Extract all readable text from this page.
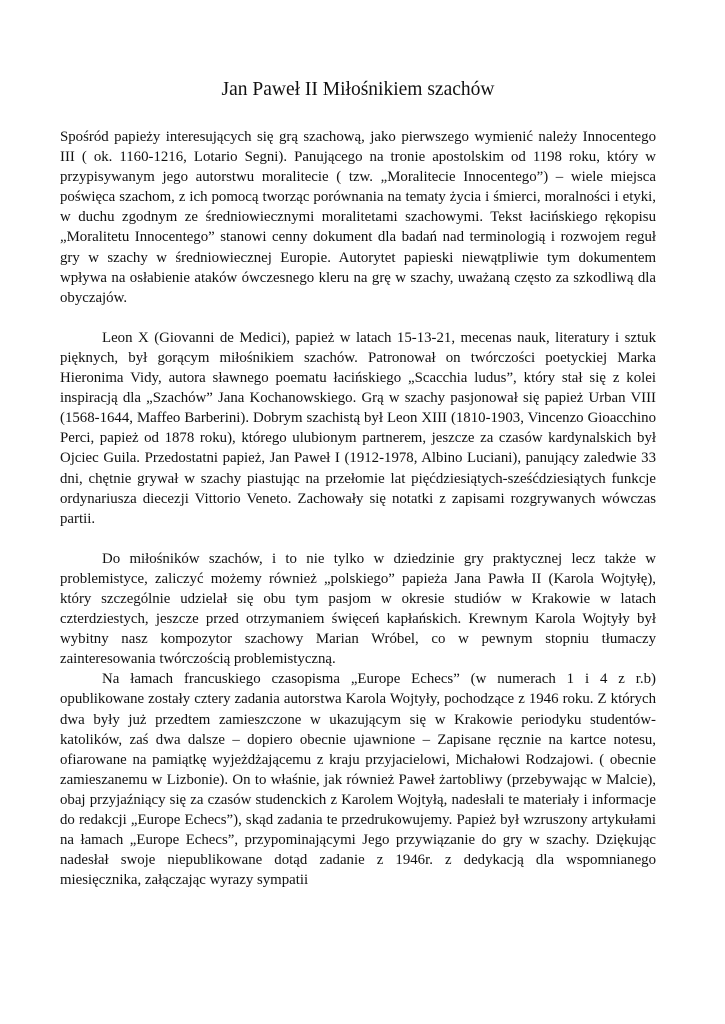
Jan Paweł II Miłośnikiem szachów

Spośród papieży interesujących się grą szachową, jako pierwszego wymienić należy Innocentego III ( ok. 1160-1216, Lotario Segni). Panującego na tronie apostolskim od 1198 roku, który w przypisywanym jego autorstwu moralitecie ( tzw. „Moralitecie Innocentego”) – wiele miejsca poświęca szachom, z ich pomocą tworząc porównania na tematy życia i śmierci, moralności i etyki, w duchu zgodnym ze średniowiecznymi moralitetami szachowymi. Tekst łacińskiego rękopisu „Moralitetu Innocentego” stanowi cenny dokument dla badań nad terminologią i rozwojem reguł gry w szachy w średniowiecznej Europie. Autorytet papieski niewątpliwie tym dokumentem wpływa na osłabienie ataków ówczesnego kleru na grę w szachy, uważaną często za szkodliwą dla obyczajów.

Leon X (Giovanni de Medici), papież w latach 15-13-21, mecenas nauk, literatury i sztuk pięknych, był gorącym miłośnikiem szachów. Patronował on twórczości poetyckiej Marka Hieronima Vidy, autora sławnego poematu łacińskiego „Scacchia ludus”, który stał się z kolei inspiracją dla „Szachów” Jana Kochanowskiego. Grą w szachy pasjonował się papież Urban VIII (1568-1644, Maffeo Barberini). Dobrym szachistą był Leon XIII (1810-1903, Vincenzo Gioacchino Perci, papież od 1878 roku), którego ulubionym partnerem, jeszcze za czasów kardynalskich był Ojciec Guila. Przedostatni papież, Jan Paweł I (1912-1978, Albino Luciani), panujący zaledwie 33 dni, chętnie grywał w szachy piastując na przełomie lat pięćdziesiątych-sześćdziesiątych funkcje ordynariusza diecezji Vittorio Veneto. Zachowały się notatki z zapisami rozgrywanych wówczas partii.

Do miłośników szachów, i to nie tylko w dziedzinie gry praktycznej lecz także w problemistyce, zaliczyć możemy również „polskiego” papieża Jana Pawła II (Karola Wojtyłę), który szczególnie udzielał się obu tym pasjom w okresie studiów w Krakowie w latach czterdziestych, jeszcze przed otrzymaniem święceń kapłańskich. Krewnym Karola Wojtyły był wybitny nasz kompozytor szachowy Marian Wróbel, co w pewnym stopniu tłumaczy zainteresowania twórczością problemistyczną.

Na łamach francuskiego czasopisma „Europe Echecs” (w numerach 1 i 4 z r.b) opublikowane zostały cztery zadania autorstwa Karola Wojtyły, pochodzące z 1946 roku. Z których dwa były już przedtem zamieszczone w ukazującym się w Krakowie periodyku studentów-katolików, zaś dwa dalsze – dopiero obecnie ujawnione – Zapisane ręcznie na kartce notesu, ofiarowane na pamiątkę wyjeżdżającemu z kraju przyjacielowi, Michałowi Rodzajowi. ( obecnie zamieszanemu w Lizbonie). On to właśnie, jak również Paweł żartobliwy (przebywając w Malcie), obaj przyjaźniący się za czasów studenckich z Karolem Wojtyłą, nadesłali te materiały i informacje do redakcji „Europe Echecs”), skąd zadania te przedrukowujemy. Papież był wzruszony artykułami na łamach „Europe Echecs”, przypominającymi Jego przywiązanie do gry w szachy. Dziękując nadesłał swoje niepublikowane dotąd zadanie z 1946r. z dedykacją dla wspomnianego miesięcznika, załączając wyrazy sympatii
